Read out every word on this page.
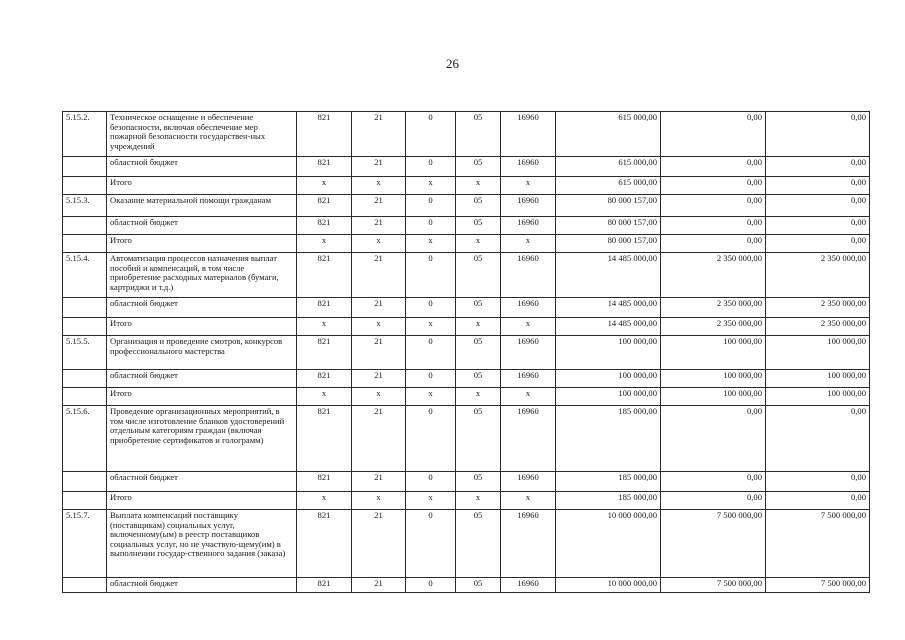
26
5.15.2.	Техническое оснащение и обеспечение безопасности, включая обеспечение мер пожарной безопасности государствен-ных учреждений	821	21	0	05	16960	615 000,00	0,00	0,00
	областной бюджет	821	21	0	05	16960	615 000,00	0,00	0,00
	Итого	x	x	x	x	x	615 000,00	0,00	0,00
5.15.3.	Оказание материальной помощи гражданам	821	21	0	05	16960	80 000 157,00	0,00	0,00
	областной бюджет	821	21	0	05	16960	80 000 157,00	0,00	0,00
	Итого	x	x	x	x	x	80 000 157,00	0,00	0,00
5.15.4.	Автоматизация процессов назначения выплат пособий и компенсаций, в том числе приобретение расходных материалов (бумаги, картриджи и т.д.)	821	21	0	05	16960	14 485 000,00	2 350 000,00	2 350 000,00
	областной бюджет	821	21	0	05	16960	14 485 000,00	2 350 000,00	2 350 000,00
	Итого	x	x	x	x	x	14 485 000,00	2 350 000,00	2 350 000,00
5.15.5.	Организация и проведение смотров, конкурсов профессионального мастерства	821	21	0	05	16960	100 000,00	100 000,00	100 000,00
	областной бюджет	821	21	0	05	16960	100 000,00	100 000,00	100 000,00
	Итого	x	x	x	x	x	100 000,00	100 000,00	100 000,00
5.15.6.	Проведение организационных мероприятий, в том числе изготовление бланков удостоверений отдельным категориям граждан (включая приобретение сертификатов и голограмм)	821	21	0	05	16960	185 000,00	0,00	0,00
	областной бюджет	821	21	0	05	16960	185 000,00	0,00	0,00
	Итого	x	x	x	x	x	185 000,00	0,00	0,00
5.15.7.	Выплата компенсаций поставщику (поставщикам) социальных услуг, включенному(ым) в реестр поставщиков социальных услуг, но не участвую-щему(им) в выполнении государ-ственного задания (заказа)	821	21	0	05	16960	10 000 000,00	7 500 000,00	7 500 000,00
	областной бюджет	821	21	0	05	16960	10 000 000,00	7 500 000,00	7 500 000,00
